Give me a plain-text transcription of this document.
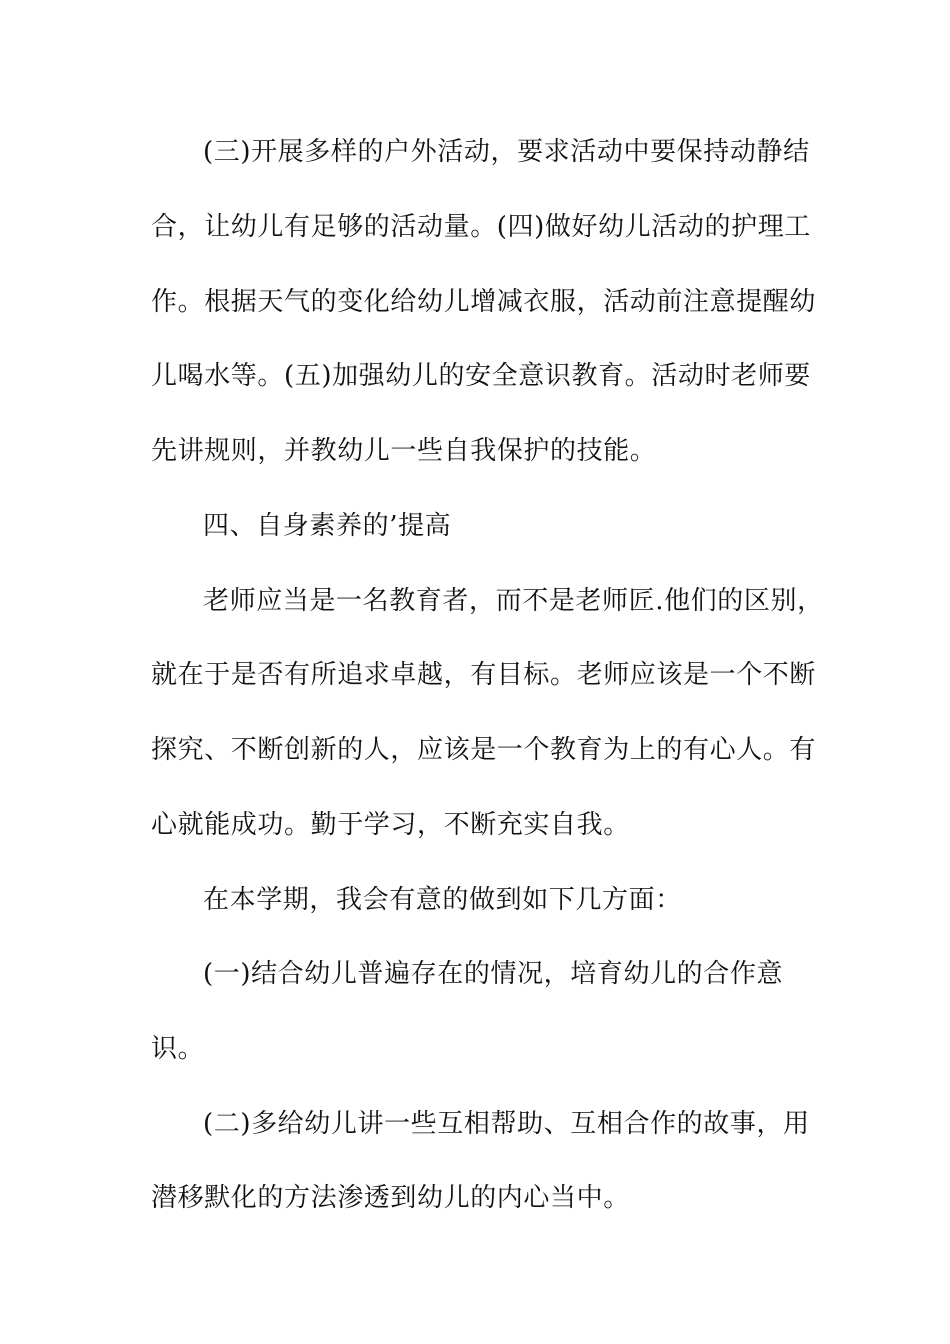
(三)开展多样的户外活动，要求活动中要保持动静结
合，让幼儿有足够的活动量。(四)做好幼儿活动的护理工
作。根据天气的变化给幼儿增减衣服，活动前注意提醒幼
儿喝水等。(五)加强幼儿的安全意识教育。活动时老师要
先讲规则，并教幼儿一些自我保护的技能。
四、自身素养的’提高
老师应当是一名教育者，而不是老师匠.他们的区别，
就在于是否有所追求卓越，有目标。老师应该是一个不断
探究、不断创新的人，应该是一个教育为上的有心人。有
心就能成功。勤于学习，不断充实自我。
在本学期，我会有意的做到如下几方面：
(一)结合幼儿普遍存在的情况，培育幼儿的合作意
识。
(二)多给幼儿讲一些互相帮助、互相合作的故事，用
潜移默化的方法渗透到幼儿的内心当中。
